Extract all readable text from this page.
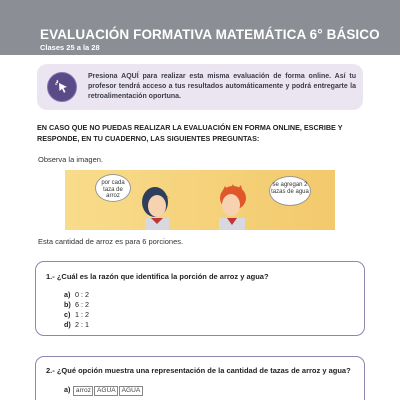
EVALUACIÓN FORMATIVA MATEMÁTICA 6° BÁSICO
Clases 25 a la 28
Presiona AQUÍ para realizar esta misma evaluación de forma online. Así tu profesor tendrá acceso a tus resultados automáticamente y podrá entregarte la retroalimentación oportuna.
EN CASO QUE NO PUEDAS REALIZAR LA EVALUACIÓN EN FORMA ONLINE, ESCRIBE Y RESPONDE, EN TU CUADERNO, LAS SIGUIENTES PREGUNTAS:
Observa la imagen.
por cada taza de arroz
se agregan 2 tazas de agua
Esta cantidad de arroz es para 6 porciones.
1.- ¿Cuál es la razón que identifica la porción de arroz y agua?
a) 0 : 2
b) 6 : 2
c) 1 : 2
d) 2 : 1
2.- ¿Qué opción muestra una representación de la cantidad de tazas de arroz y agua?
a) arroz AGUA AGUA
